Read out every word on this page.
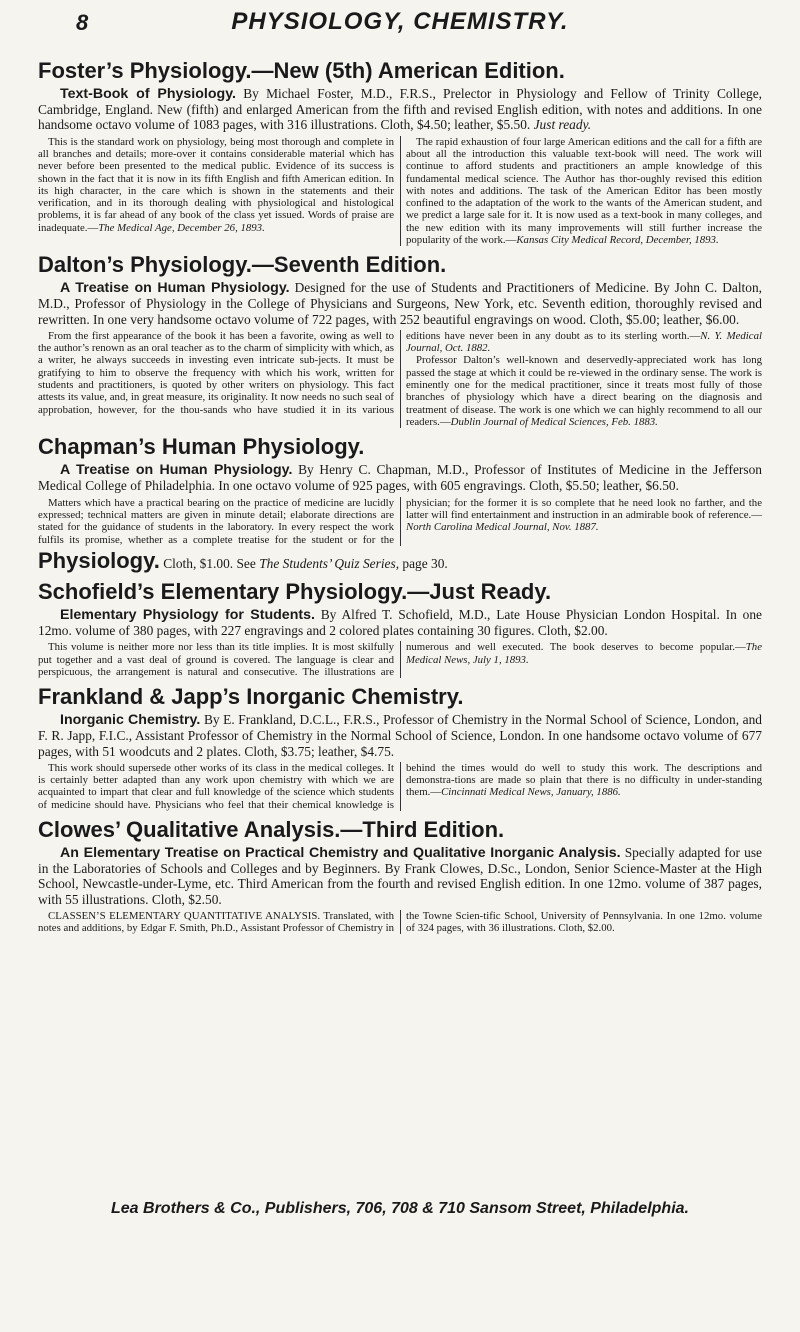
8	PHYSIOLOGY, CHEMISTRY.
Foster’s Physiology.—New (5th) American Edition.

Text-Book of Physiology. By Michael Foster, M.D., F.R.S., Prelector in Physiology and Fellow of Trinity College, Cambridge, England. New (fifth) and enlarged American from the fifth and revised English edition, with notes and additions. In one handsome octavo volume of 1083 pages, with 316 illustrations. Cloth, $4.50; leather, $5.50. Just ready.

This is the standard work on physiology, being most thorough and complete in all branches and details; more-over it contains considerable material which has never before been presented to the medical public. Evidence of its success is shown in the fact that it is now in its fifth English and fifth American edition. In its high character, in the care which is shown in the statements and their verification, and in its thorough dealing with physiological and histological problems, it is far ahead of any book of the class yet issued. Words of praise are inadequate.—The Medical Age, December 26, 1893.

The rapid exhaustion of four large American editions and the call for a fifth are about all the introduction this valuable text-book will need. The work will continue to afford students and practitioners an ample knowledge of this fundamental medical science. The Author has thor-oughly revised this edition with notes and additions. The task of the American Editor has been mostly confined to the adaptation of the work to the wants of the American student, and we predict a large sale for it. It is now used as a text-book in many colleges, and the new edition with its many improvements will still further increase the popularity of the work.—Kansas City Medical Record, December, 1893.

Dalton’s Physiology.—Seventh Edition.

A Treatise on Human Physiology. Designed for the use of Students and Practitioners of Medicine. By John C. Dalton, M.D., Professor of Physiology in the College of Physicians and Surgeons, New York, etc. Seventh edition, thoroughly revised and rewritten. In one very handsome octavo volume of 722 pages, with 252 beautiful engravings on wood. Cloth, $5.00; leather, $6.00.

From the first appearance of the book it has been a favorite, owing as well to the author’s renown as an oral teacher as to the charm of simplicity with which, as a writer, he always succeeds in investing even intricate sub-jects. It must be gratifying to him to observe the frequency with which his work, written for students and practitioners, is quoted by other writers on physiology. This fact attests its value, and, in great measure, its originality. It now needs no such seal of approbation, however, for the thou-sands who have studied it in its various editions have never been in any doubt as to its sterling worth.—N. Y. Medical Journal, Oct. 1882.

Professor Dalton’s well-known and deservedly-appreciated work has long passed the stage at which it could be re-viewed in the ordinary sense. The work is eminently one for the medical practitioner, since it treats most fully of those branches of physiology which have a direct bearing on the diagnosis and treatment of disease. The work is one which we can highly recommend to all our readers.—Dublin Journal of Medical Sciences, Feb. 1883.

Chapman’s Human Physiology.

A Treatise on Human Physiology. By Henry C. Chapman, M.D., Professor of Institutes of Medicine in the Jefferson Medical College of Philadelphia. In one octavo volume of 925 pages, with 605 engravings. Cloth, $5.50; leather, $6.50.

Matters which have a practical bearing on the practice of medicine are lucidly expressed; technical matters are given in minute detail; elaborate directions are stated for the guidance of students in the laboratory. In every respect the work fulfils its promise, whether as a complete treatise for the student or for the physician; for the former it is so complete that he need look no farther, and the latter will find entertainment and instruction in an admirable book of reference.—North Carolina Medical Journal, Nov. 1887.

Physiology. Cloth, $1.00. See The Students’ Quiz Series, page 30.
Schofield’s Elementary Physiology.—Just Ready.

Elementary Physiology for Students. By Alfred T. Schofield, M.D., Late House Physician London Hospital. In one 12mo. volume of 380 pages, with 227 engravings and 2 colored plates containing 30 figures. Cloth, $2.00.

This volume is neither more nor less than its title implies. It is most skilfully put together and a vast deal of ground is covered. The language is clear and perspicuous, the arrangement is natural and consecutive. The illustrations are numerous and well executed. The book deserves to become popular.—The Medical News, July 1, 1893.

Frankland & Japp’s Inorganic Chemistry.

Inorganic Chemistry. By E. Frankland, D.C.L., F.R.S., Professor of Chemistry in the Normal School of Science, London, and F. R. Japp, F.I.C., Assistant Professor of Chemistry in the Normal School of Science, London. In one handsome octavo volume of 677 pages, with 51 woodcuts and 2 plates. Cloth, $3.75; leather, $4.75.

This work should supersede other works of its class in the medical colleges. It is certainly better adapted than any work upon chemistry with which we are acquainted to impart that clear and full knowledge of the science which students of medicine should have. Physicians who feel that their chemical knowledge is behind the times would do well to study this work. The descriptions and demonstra-tions are made so plain that there is no difficulty in under-standing them.—Cincinnati Medical News, January, 1886.

Clowes’ Qualitative Analysis.—Third Edition.

An Elementary Treatise on Practical Chemistry and Qualitative Inorganic Analysis. Specially adapted for use in the Laboratories of Schools and Colleges and by Beginners. By Frank Clowes, D.Sc., London, Senior Science-Master at the High School, Newcastle-under-Lyme, etc. Third American from the fourth and revised English edition. In one 12mo. volume of 387 pages, with 55 illustrations. Cloth, $2.50.

CLASSEN’S ELEMENTARY QUANTITATIVE ANALYSIS. Translated, with notes and additions, by Edgar F. Smith, Ph.D., Assistant Professor of Chemistry in the Towne Scien-tific School, University of Pennsylvania. In one 12mo. volume of 324 pages, with 36 illustrations. Cloth, $2.00.

Lea Brothers & Co., Publishers, 706, 708 & 710 Sansom Street, Philadelphia.
